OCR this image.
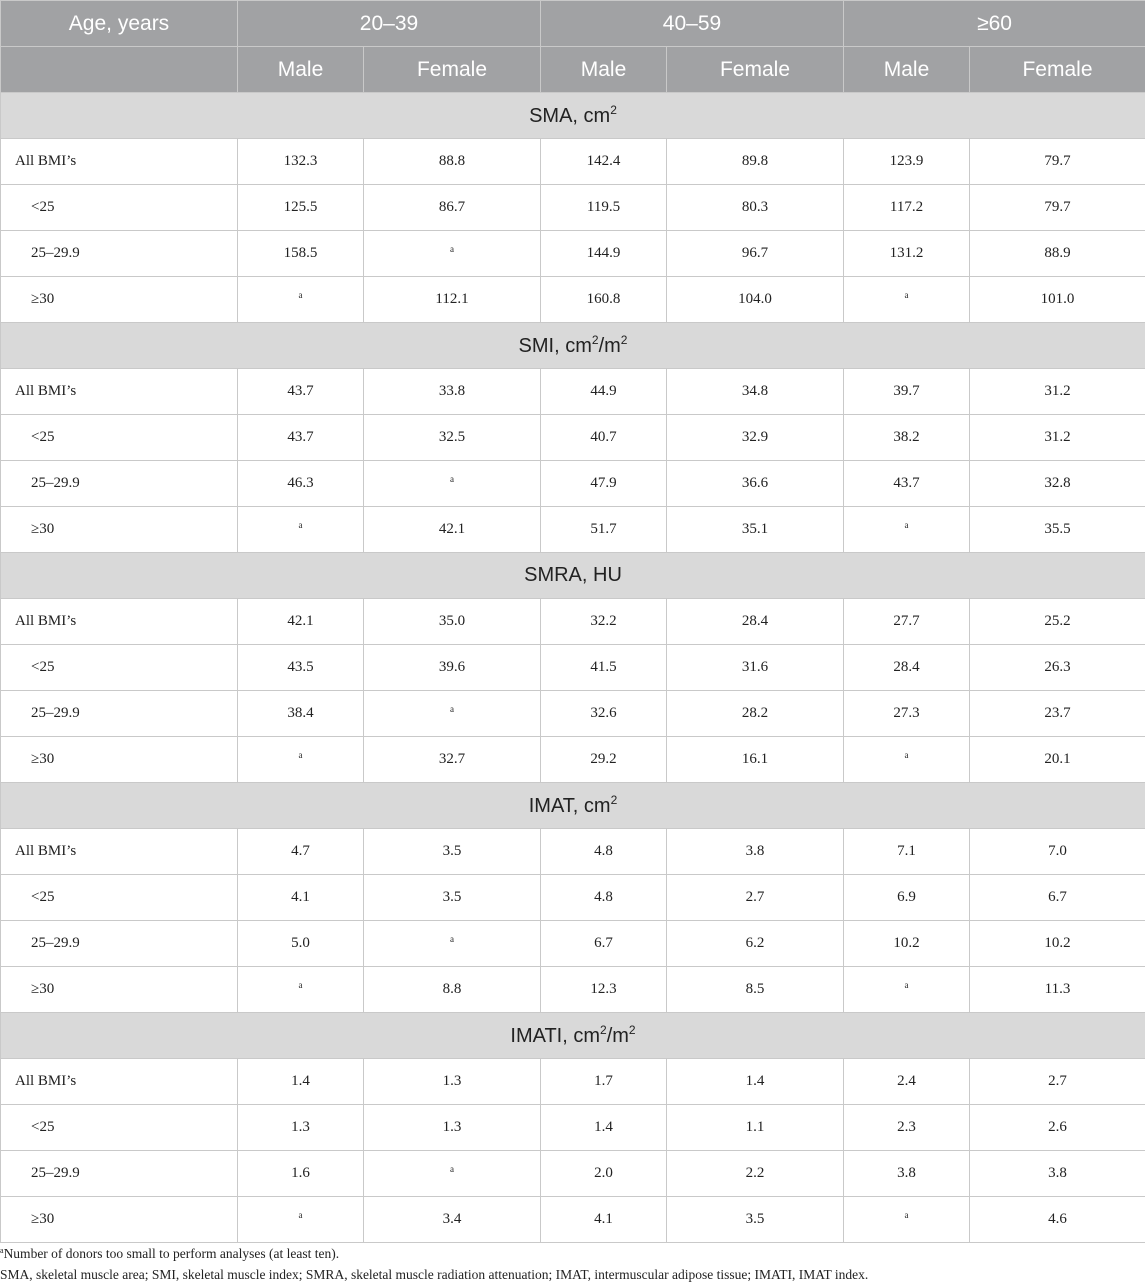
Age, years	20–39		40–59		≥60	
	Male	Female	Male	Female	Male	Female
SMA, $cm^2$
All BMI’s	132.3	88.8	142.4	89.8	123.9	79.7
<25	125.5	86.7	119.5	80.3	117.2	79.7
25–29.9	158.5	$^a$	144.9	96.7	131.2	88.9
≥30	$^a$	112.1	160.8	104.0	$^a$	101.0
SMI, $cm^2/m^2$
All BMI’s	43.7	33.8	44.9	34.8	39.7	31.2
<25	43.7	32.5	40.7	32.9	38.2	31.2
25–29.9	46.3	$^a$	47.9	36.6	43.7	32.8
≥30	$^a$	42.1	51.7	35.1	$^a$	35.5
SMRA, HU						
All BMI’s	42.1	35.0	32.2	28.4	27.7	25.2
<25	43.5	39.6	41.5	31.6	28.4	26.3
25–29.9	38.4	$^a$	32.6	28.2	27.3	23.7
≥30	$^a$	32.7	29.2	16.1	$^a$	20.1
IMAT, $cm^2$
All BMI’s	4.7	3.5	4.8	3.8	7.1	7.0
<25	4.1	3.5	4.8	2.7	6.9	6.7
25–29.9	5.0	$^a$	6.7	6.2	10.2	10.2
≥30	$^a$	8.8	12.3	8.5	$^a$	11.3
IMATI, $cm^2/m^2$
All BMI’s	1.4	1.3	1.7	1.4	2.4	2.7
<25	1.3	1.3	1.4	1.1	2.3	2.6
25–29.9	1.6	$^a$	2.0	2.2	3.8	3.8
≥30	$^a$	3.4	4.1	3.5	$^a$	4.6
$^a$Number of donors too small to perform analyses (at least ten).
SMA, skeletal muscle area; SMI, skeletal muscle index; SMRA, skeletal muscle radiation attenuation; IMAT, intermuscular adipose tissue; IMATI, IMAT index.
